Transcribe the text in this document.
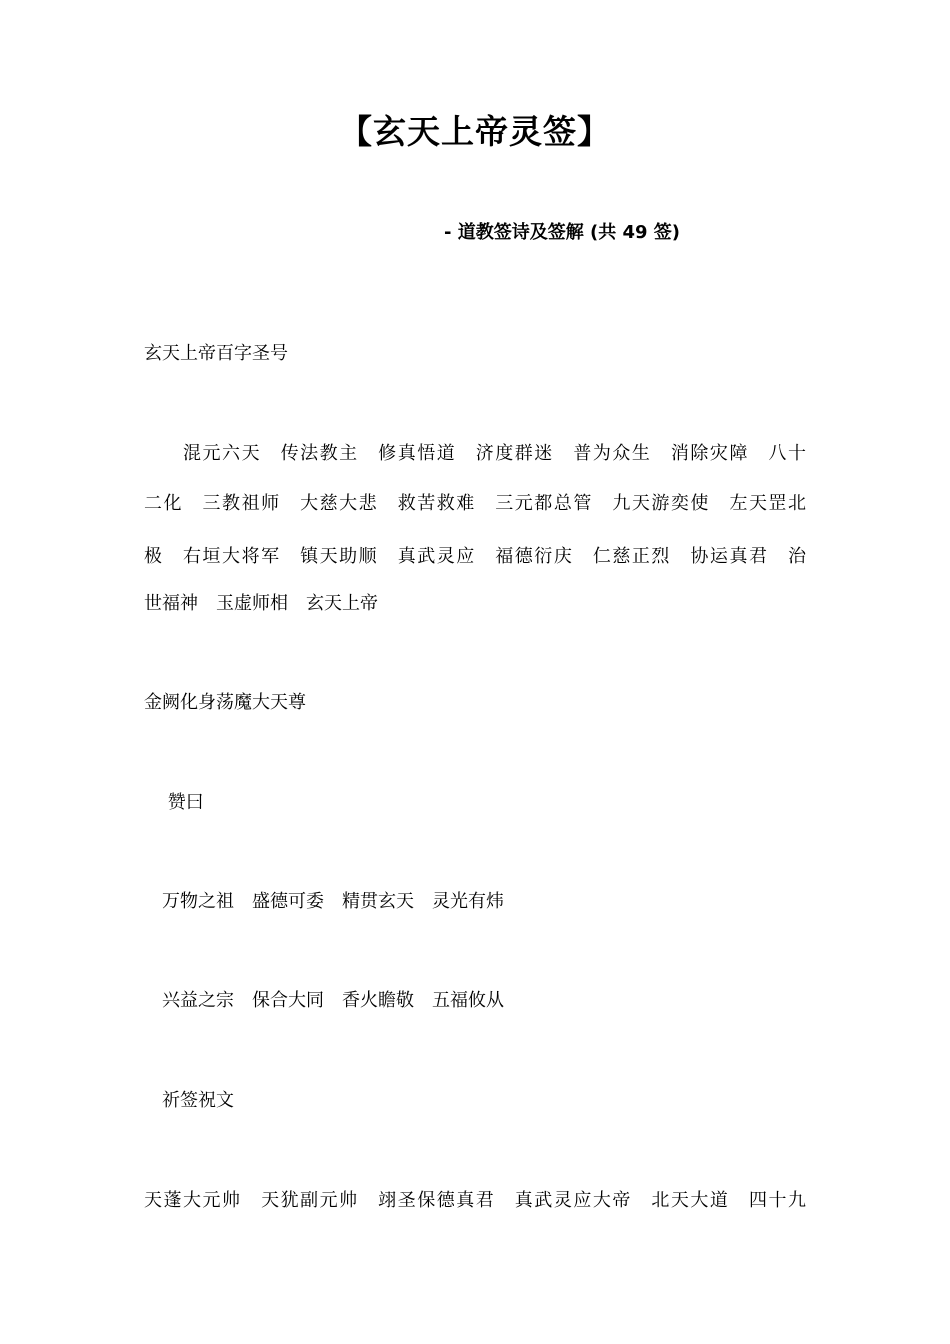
【玄天上帝灵签】
- 道教签诗及签解 (共 49 签)
玄天上帝百字圣号
　　混元六天　传法教主　修真悟道　济度群迷　普为众生　消除灾障　八十
二化　三教祖师　大慈大悲　救苦救难　三元都总管　九天游奕使　左天罡北
极　右垣大将军　镇天助顺　真武灵应　福德衍庆　仁慈正烈　协运真君　治
世福神　玉虚师相　玄天上帝
金阙化身荡魔大天尊
　 赞曰
　万物之祖　盛德可委　精贯玄天　灵光有炜
　兴益之宗　保合大同　香火瞻敬　五福攸从
　祈签祝文
天蓬大元帅　天犹副元帅　翊圣保德真君　真武灵应大帝　北天大道　四十九
